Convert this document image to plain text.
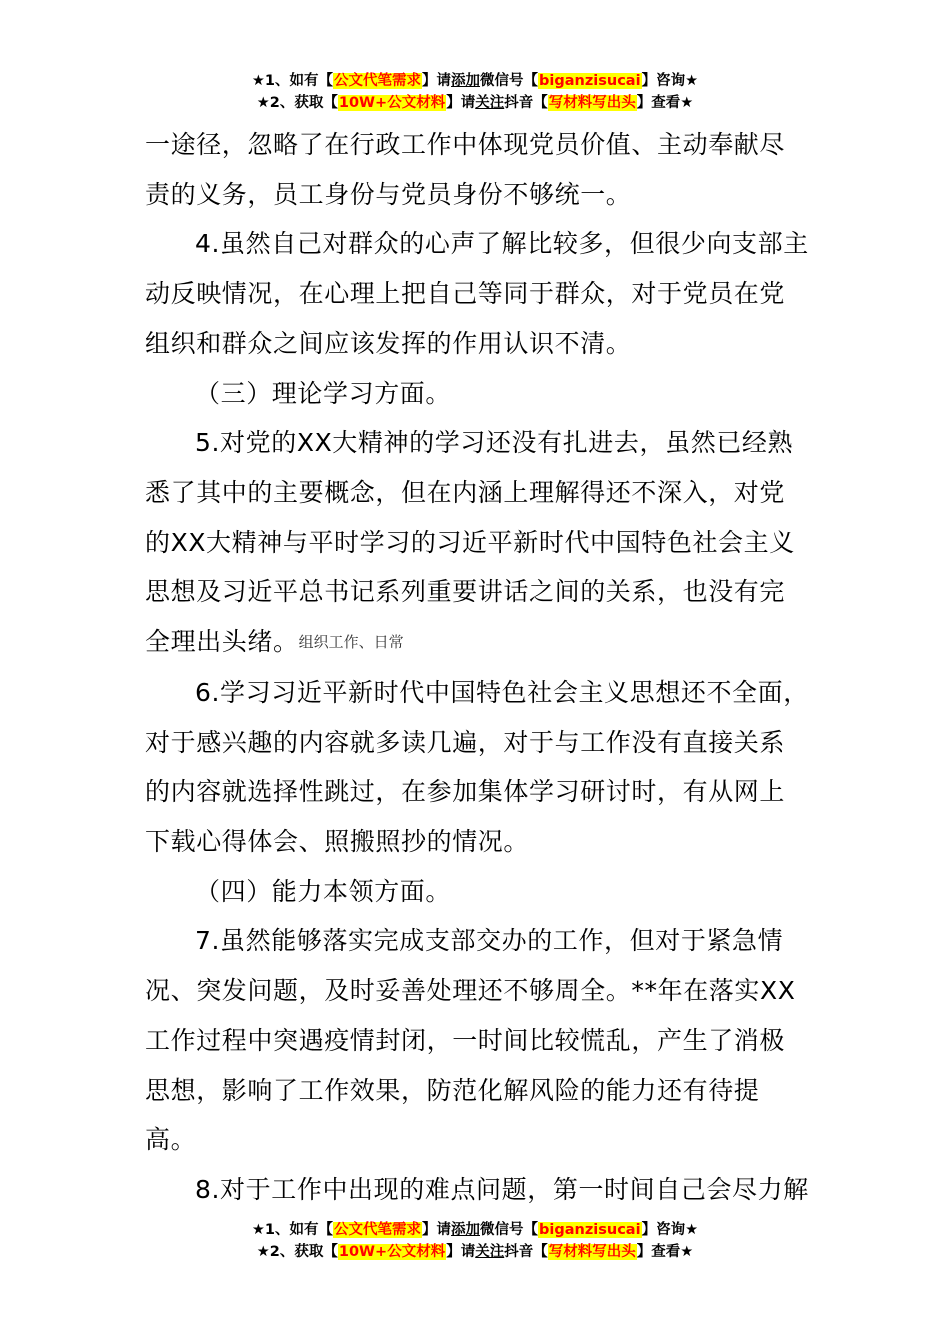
★1、如有【公文代笔需求】请添加微信号【biganzisucai】咨询★
★2、获取【10W+公文材料】请关注抖音【写材料写出头】查看★

一途径，忽略了在行政工作中体现党员价值、主动奉献尽责的义务，员工身份与党员身份不够统一。

4.虽然自己对群众的心声了解比较多，但很少向支部主动反映情况，在心理上把自己等同于群众，对于党员在党组织和群众之间应该发挥的作用认识不清。

（三）理论学习方面。

5.对党的XX大精神的学习还没有扎进去，虽然已经熟悉了其中的主要概念，但在内涵上理解得还不深入，对党的XX大精神与平时学习的习近平新时代中国特色社会主义思想及习近平总书记系列重要讲话之间的关系，也没有完全理出头绪。组织工作、日常

6.学习习近平新时代中国特色社会主义思想还不全面，对于感兴趣的内容就多读几遍，对于与工作没有直接关系的内容就选择性跳过，在参加集体学习研讨时，有从网上下载心得体会、照搬照抄的情况。

（四）能力本领方面。

7.虽然能够落实完成支部交办的工作，但对于紧急情况、突发问题，及时妥善处理还不够周全。**年在落实XX工作过程中突遇疫情封闭，一时间比较慌乱，产生了消极思想，影响了工作效果，防范化解风险的能力还有待提高。

8.对于工作中出现的难点问题，第一时间自己会尽力解

★1、如有【公文代笔需求】请添加微信号【biganzisucai】咨询★
★2、获取【10W+公文材料】请关注抖音【写材料写出头】查看★
